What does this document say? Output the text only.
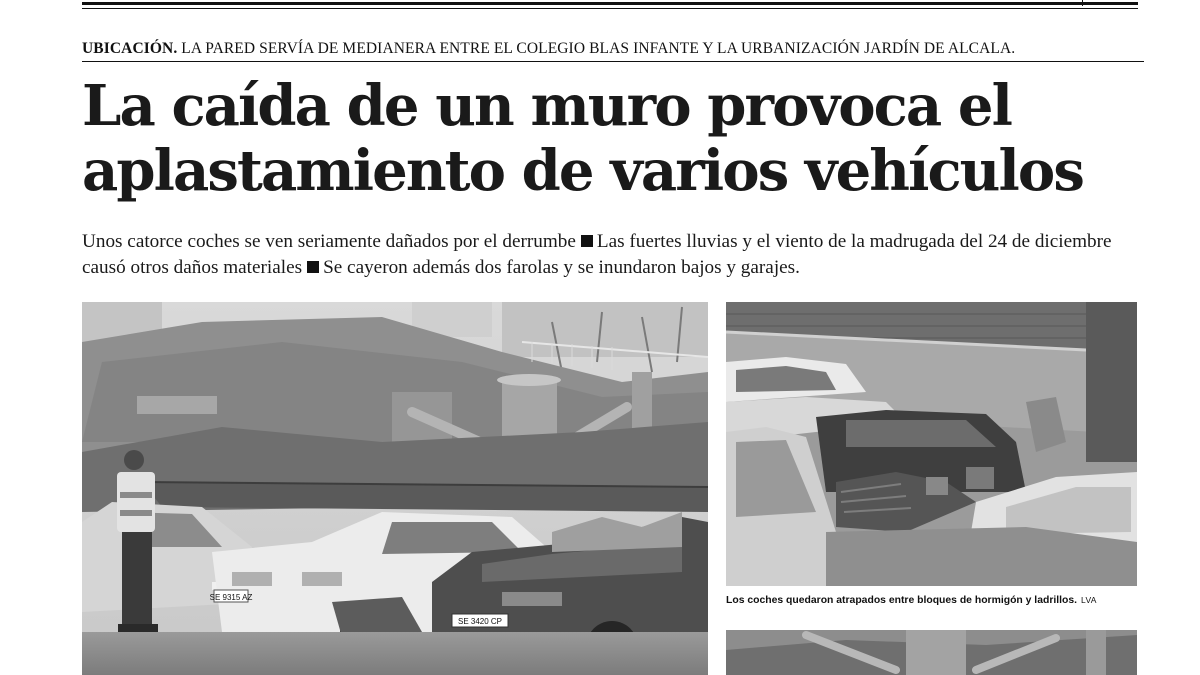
UBICACIÓN. LA PARED SERVÍA DE MEDIANERA ENTRE EL COLEGIO BLAS INFANTE Y LA URBANIZACIÓN JARDÍN DE ALCALA.
La caída de un muro provoca el
aplastamiento de varios vehículos

Unos catorce coches se ven seriamente dañados por el derrumbe Las fuertes lluvias y el viento de la madrugada del 24 de diciembre causó otros daños materiales Se cayeron además dos farolas y se inundaron bajos y garajes.

SE 9315 AZ
SE 3420 CP
Los coches quedaron atrapados entre bloques de hormigón y ladrillos. LVA
